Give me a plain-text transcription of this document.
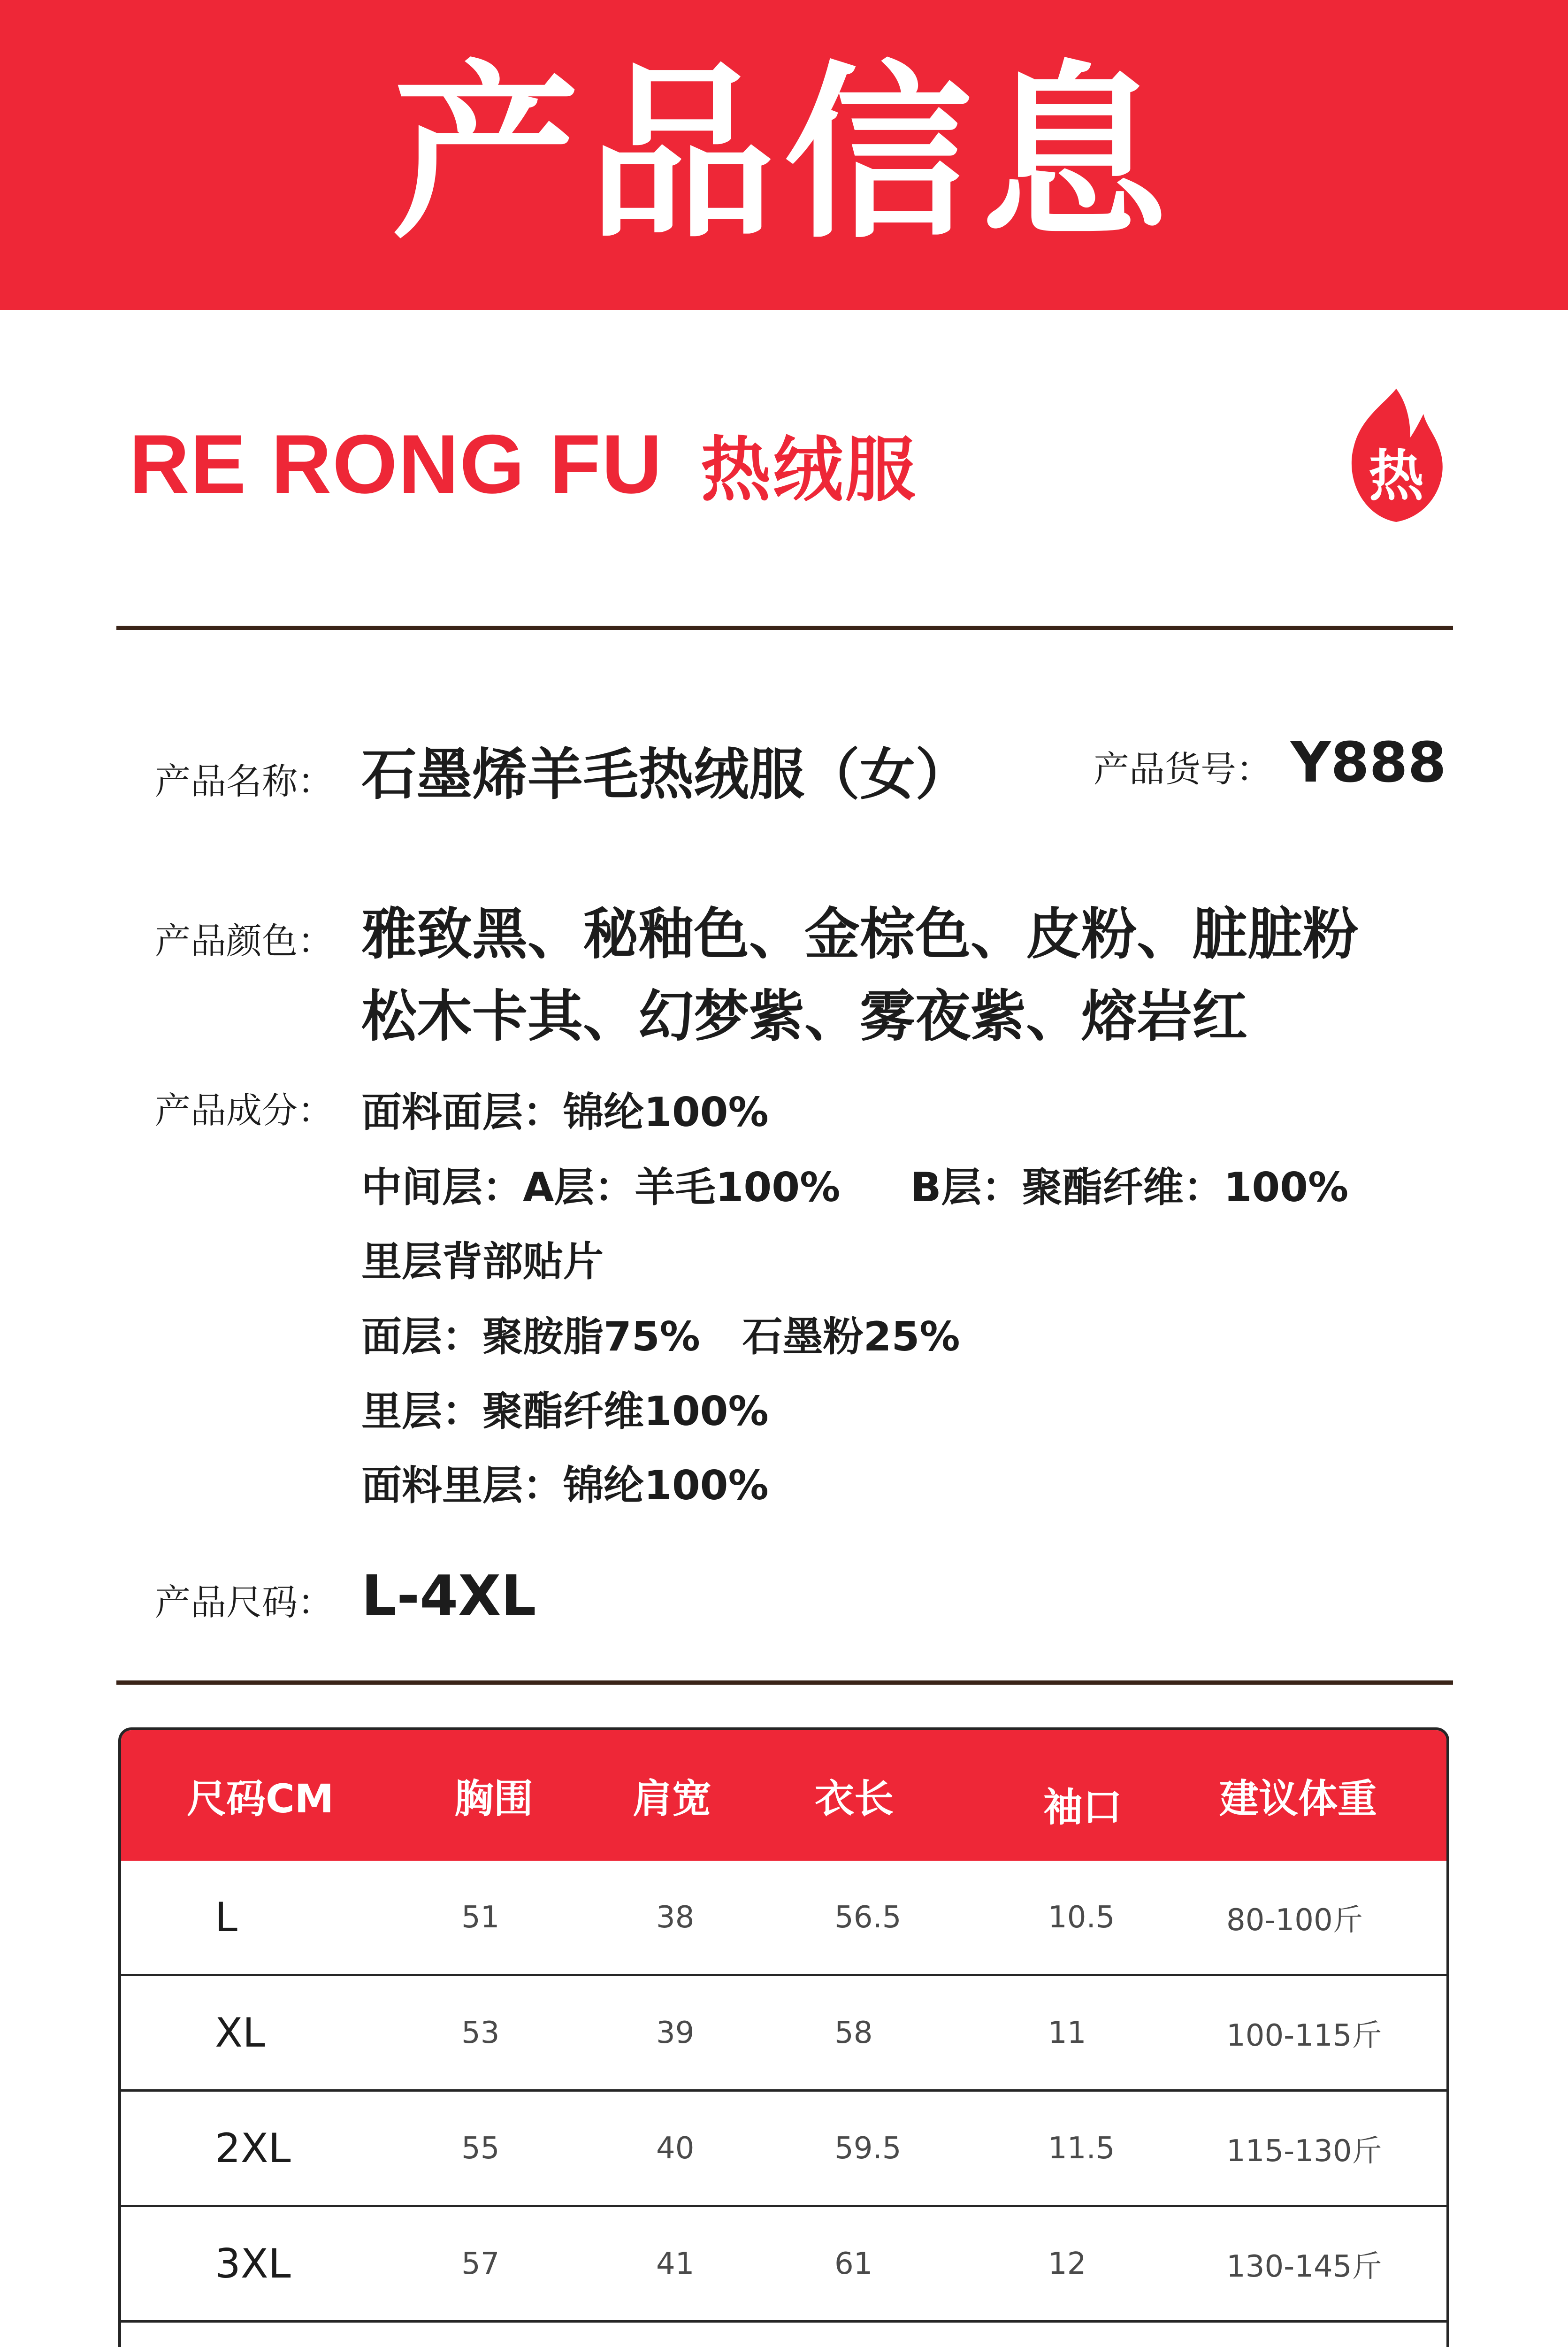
产品信息
RE RONG FU 热绒服	热
产品名称： 石墨烯羊毛热绒服（女）	产品货号： Y888
产品颜色： 雅致黑、秘釉色、金棕色、皮粉、脏脏粉
松木卡其、幻梦紫、雾夜紫、熔岩红
产品成分： 面料面层：锦纶100%
中间层：A层：羊毛100%     B层：聚酯纤维：100%
里层背部贴片
面层：聚胺脂75%   石墨粉25%
里层：聚酯纤维100%
面料里层：锦纶100%
产品尺码： L-4XL
尺码CM	胸围	肩宽	衣长	袖口 建议体重
L	51	38	56.5	10.5	80-100斤
XL	53	39	58	11	100-115斤
2XL	55	40	59.5	11.5	115-130斤
3XL	57	41	61	12	130-145斤
